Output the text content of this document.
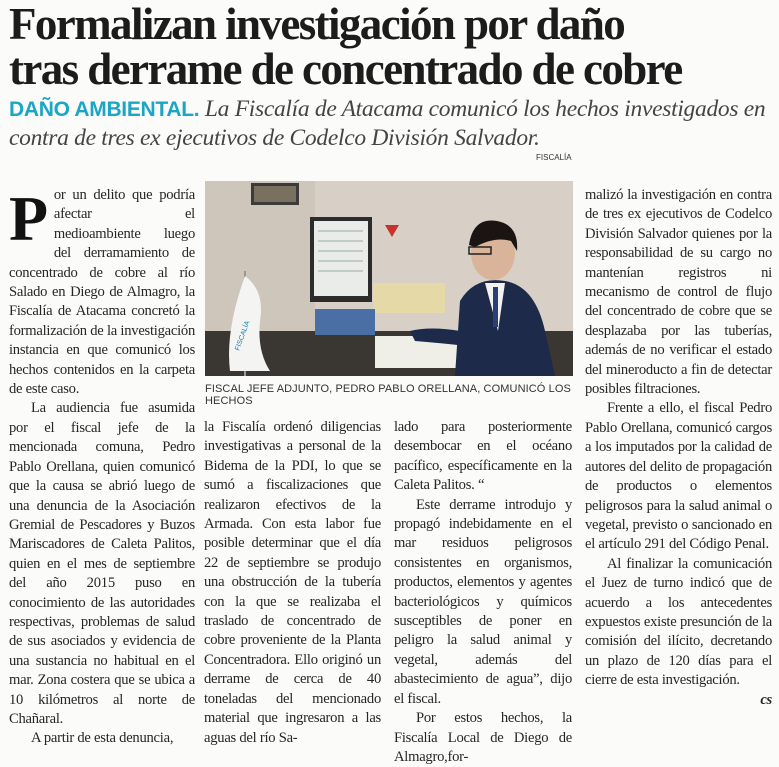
Formalizan investigación por daño
tras derrame de concentrado de cobre
DAÑO AMBIENTAL. La Fiscalía de Atacama comunicó los hechos investigados en contra de tres ex ejecutivos de Codelco División Salvador.
FISCALÍA
FISCALÍA
FISCAL JEFE ADJUNTO, PEDRO PABLO ORELLANA, COMUNICÓ LOS HECHOS

Por un delito que podría afectar el medioambiente luego del derramamiento de concentrado de cobre al río Salado en Diego de Almagro, la Fiscalía de Atacama concretó la formalización de la investigación instancia en que comunicó los hechos contenidos en la carpeta de este caso.

La audiencia fue asumida por el fiscal jefe de la mencionada comuna, Pedro Pablo Orellana, quien comunicó que la causa se abrió luego de una denuncia de la Asociación Gremial de Pescadores y Buzos Mariscadores de Caleta Palitos, quien en el mes de septiembre del año 2015 puso en conocimiento de las autoridades respectivas, problemas de salud de sus asociados y evidencia de una sustancia no habitual en el mar. Zona costera que se ubica a 10 kilómetros al norte de Chañaral.

A partir de esta denuncia,

la Fiscalía ordenó diligencias investigativas a personal de la Bidema de la PDI, lo que se sumó a fiscalizaciones que realizaron efectivos de la Armada. Con esta labor fue posible determinar que el día 22 de septiembre se produjo una obstrucción de la tubería con la que se realizaba el traslado de concentrado de cobre proveniente de la Planta Concentradora. Ello originó un derrame de cerca de 40 toneladas del mencionado material que ingresaron a las aguas del río Sa-

lado para posteriormente desembocar en el océano pacífico, específicamente en la Caleta Palitos. “

Este derrame introdujo y propagó indebidamente en el mar residuos peligrosos consistentes en organismos, productos, elementos y agentes bacteriológicos y químicos susceptibles de poner en peligro la salud animal y vegetal, además del abastecimiento de agua”, dijo el fiscal.

Por estos hechos, la Fiscalía Local de Diego de Almagro,for-

malizó la investigación en contra de tres ex ejecutivos de Codelco División Salvador quienes por la responsabilidad de su cargo no mantenían registros ni mecanismo de control de flujo del concentrado de cobre que se desplazaba por las tuberías, además de no verificar el estado del mineroducto a fin de detectar posibles filtraciones.

Frente a ello, el fiscal Pedro Pablo Orellana, comunicó cargos a los imputados por la calidad de autores del delito de propagación de productos o elementos peligrosos para la salud animal o vegetal, previsto o sancionado en el artículo 291 del Código Penal.

Al finalizar la comunicación el Juez de turno indicó que de acuerdo a los antecedentes expuestos existe presunción de la comisión del ilícito, decretando un plazo de 120 días para el cierre de esta investigación.
cs
